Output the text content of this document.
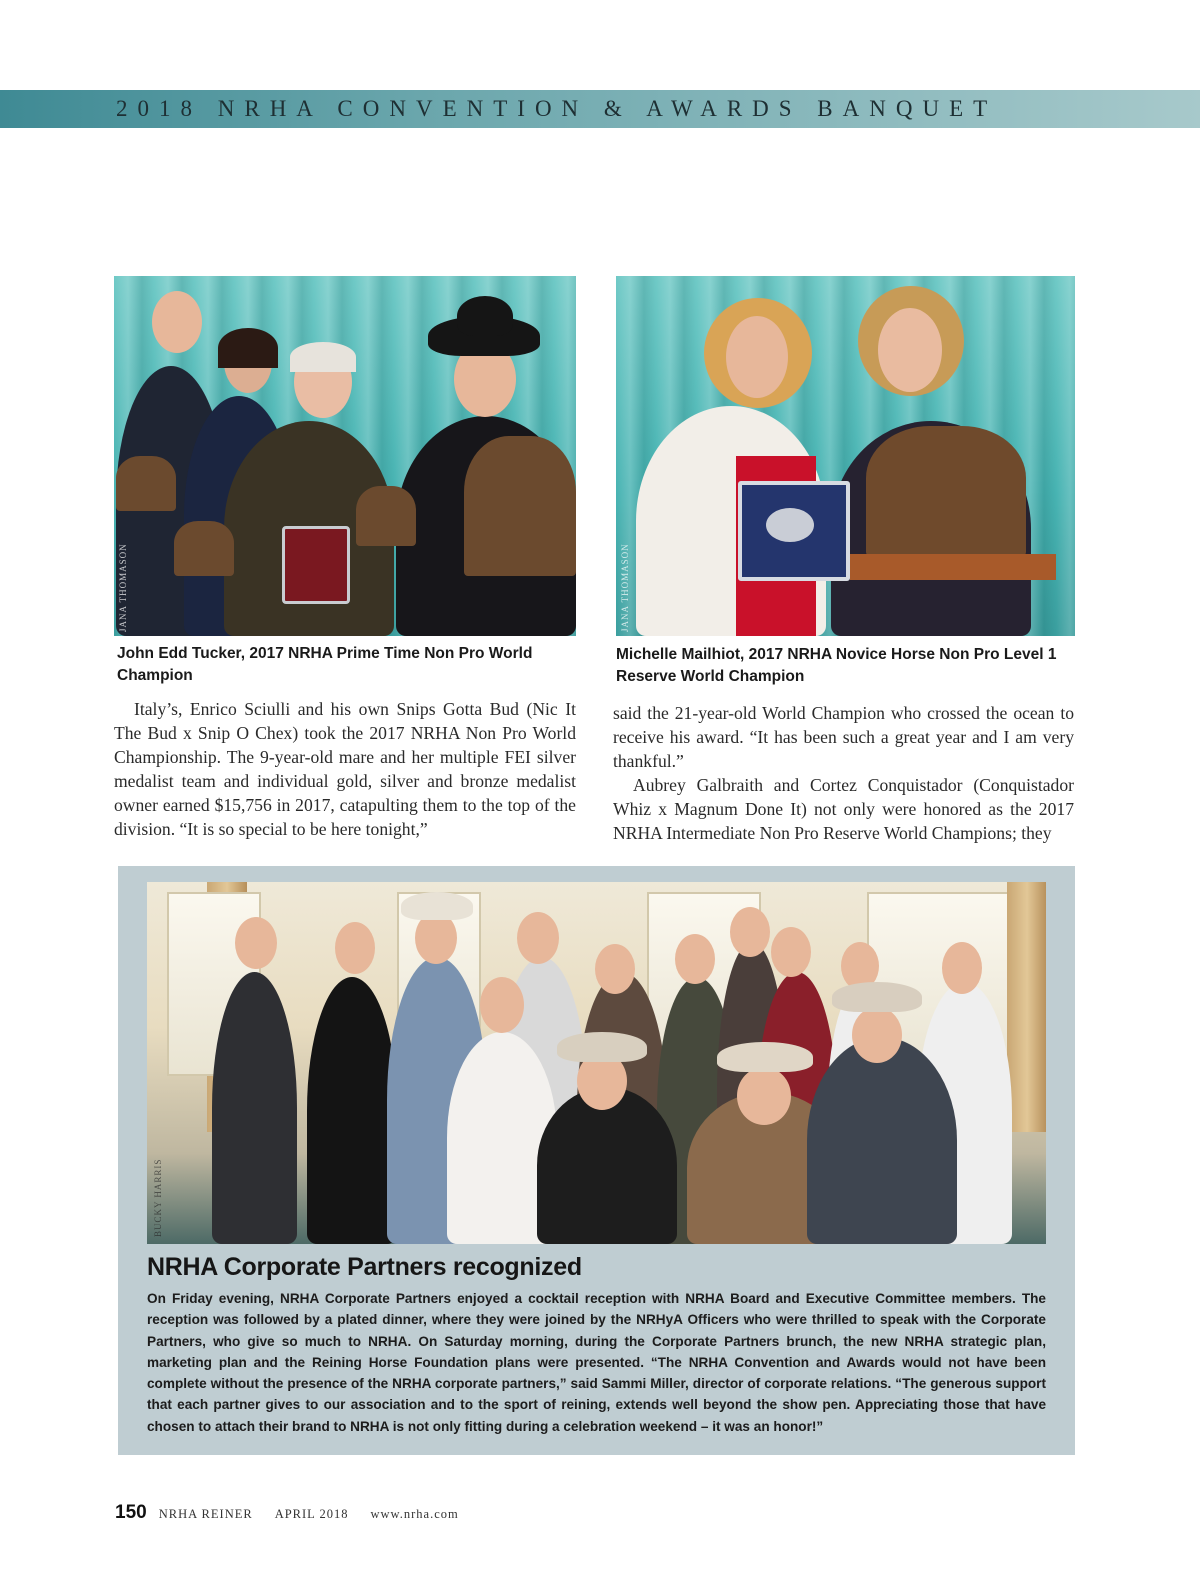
2018 NRHA CONVENTION & AWARDS BANQUET
JANA THOMASON
John Edd Tucker, 2017 NRHA Prime Time Non Pro World Champion
JANA THOMASON
Michelle Mailhiot, 2017 NRHA Novice Horse Non Pro Level 1 Reserve World Champion

Italy’s, Enrico Sciulli and his own Snips Gotta Bud (Nic It The Bud x Snip O Chex) took the 2017 NRHA Non Pro World Championship. The 9-year-old mare and her multiple FEI silver medalist team and individual gold, silver and bronze medalist owner earned $15,756 in 2017, catapulting them to the top of the division. “It is so special to be here tonight,”

said the 21-year-old World Champion who crossed the ocean to receive his award. “It has been such a great year and I am very thankful.”

Aubrey Galbraith and Cortez Conquistador (Conquistador Whiz x Magnum Done It) not only were honored as the 2017 NRHA Intermediate Non Pro Reserve World Champions; they

BUCKY HARRIS
NRHA Corporate Partners recognized
On Friday evening, NRHA Corporate Partners enjoyed a cocktail reception with NRHA Board and Executive Committee members. The reception was followed by a plated dinner, where they were joined by the NRHyA Officers who were thrilled to speak with the Corporate Partners, who give so much to NRHA. On Saturday morning, during the Corporate Partners brunch, the new NRHA strategic plan, marketing plan and the Reining Horse Foundation plans were presented. “The NRHA Convention and Awards would not have been complete without the presence of the NRHA corporate partners,” said Sammi Miller, director of corporate relations. “The generous support that each partner gives to our association and to the sport of reining, extends well beyond the show pen. Appreciating those that have chosen to attach their brand to NRHA is not only fitting during a celebration weekend – it was an honor!”
150 NRHA REINER APRIL 2018 www.nrha.com
